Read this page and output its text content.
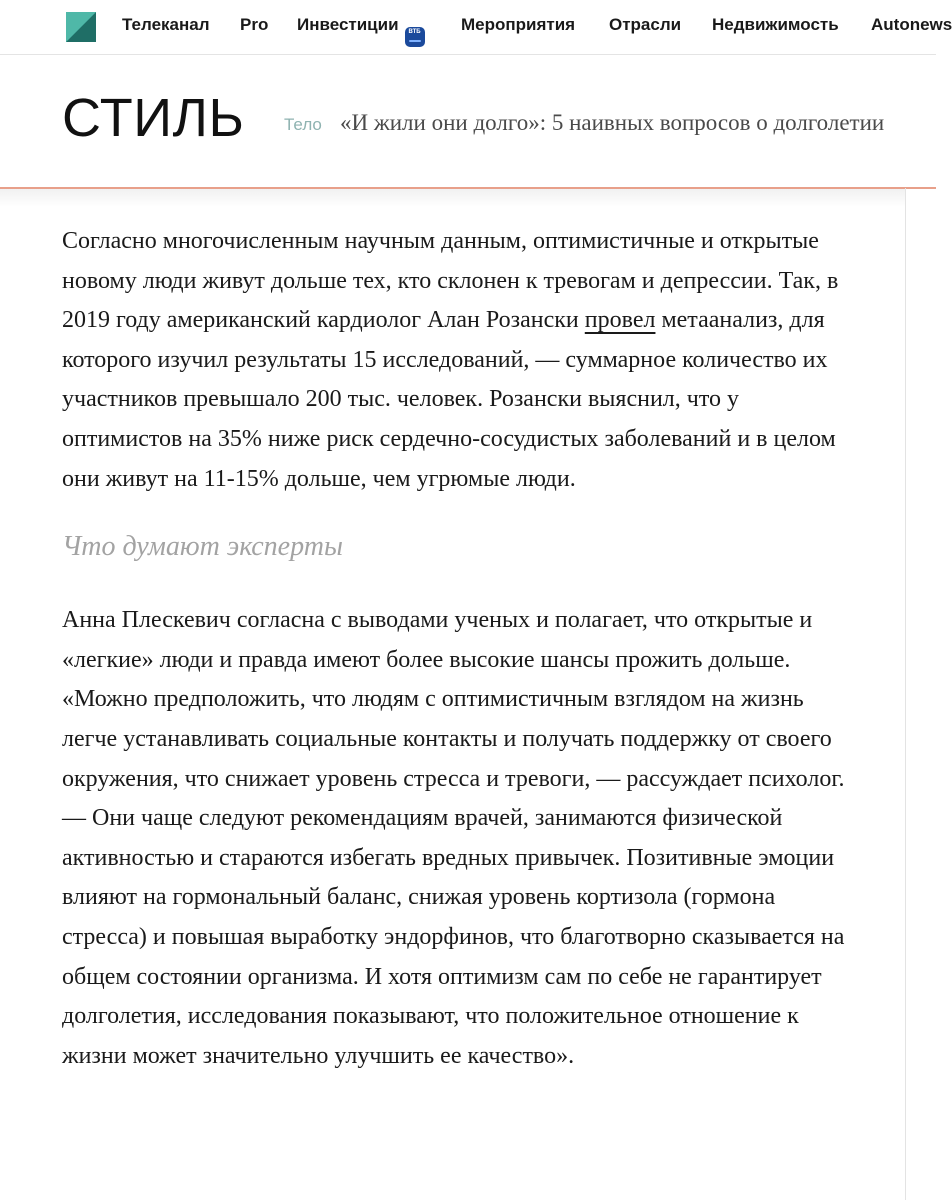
Телеканал Pro Инвестиции ВТБ Мероприятия Отрасли Недвижимость Autonews
СТИЛЬ Тело «И жили они долго»: 5 наивных вопросов о долголетии

Согласно многочисленным научным данным, оптимистичные и открытые новому люди живут дольше тех, кто склонен к тревогам и депрессии. Так, в 2019 году американский кардиолог Алан Розански провел метаанализ, для которого изучил результаты 15 исследований, — суммарное количество их участников превышало 200 тыс. человек. Розански выяснил, что у оптимистов на 35% ниже риск сердечно-сосудистых заболеваний и в целом они живут на 11-15% дольше, чем угрюмые люди.

Что думают эксперты

Анна Плескевич согласна с выводами ученых и полагает, что открытые и «легкие» люди и правда имеют более высокие шансы прожить дольше. «Можно предположить, что людям с оптимистичным взглядом на жизнь легче устанавливать социальные контакты и получать поддержку от своего окружения, что снижает уровень стресса и тревоги, — рассуждает психолог. — Они чаще следуют рекомендациям врачей, занимаются физической активностью и стараются избегать вредных привычек. Позитивные эмоции влияют на гормональный баланс, снижая уровень кортизола (гормона стресса) и повышая выработку эндорфинов, что благотворно сказывается на общем состоянии организма. И хотя оптимизм сам по себе не гарантирует долголетия, исследования показывают, что положительное отношение к жизни может значительно улучшить ее качество».
